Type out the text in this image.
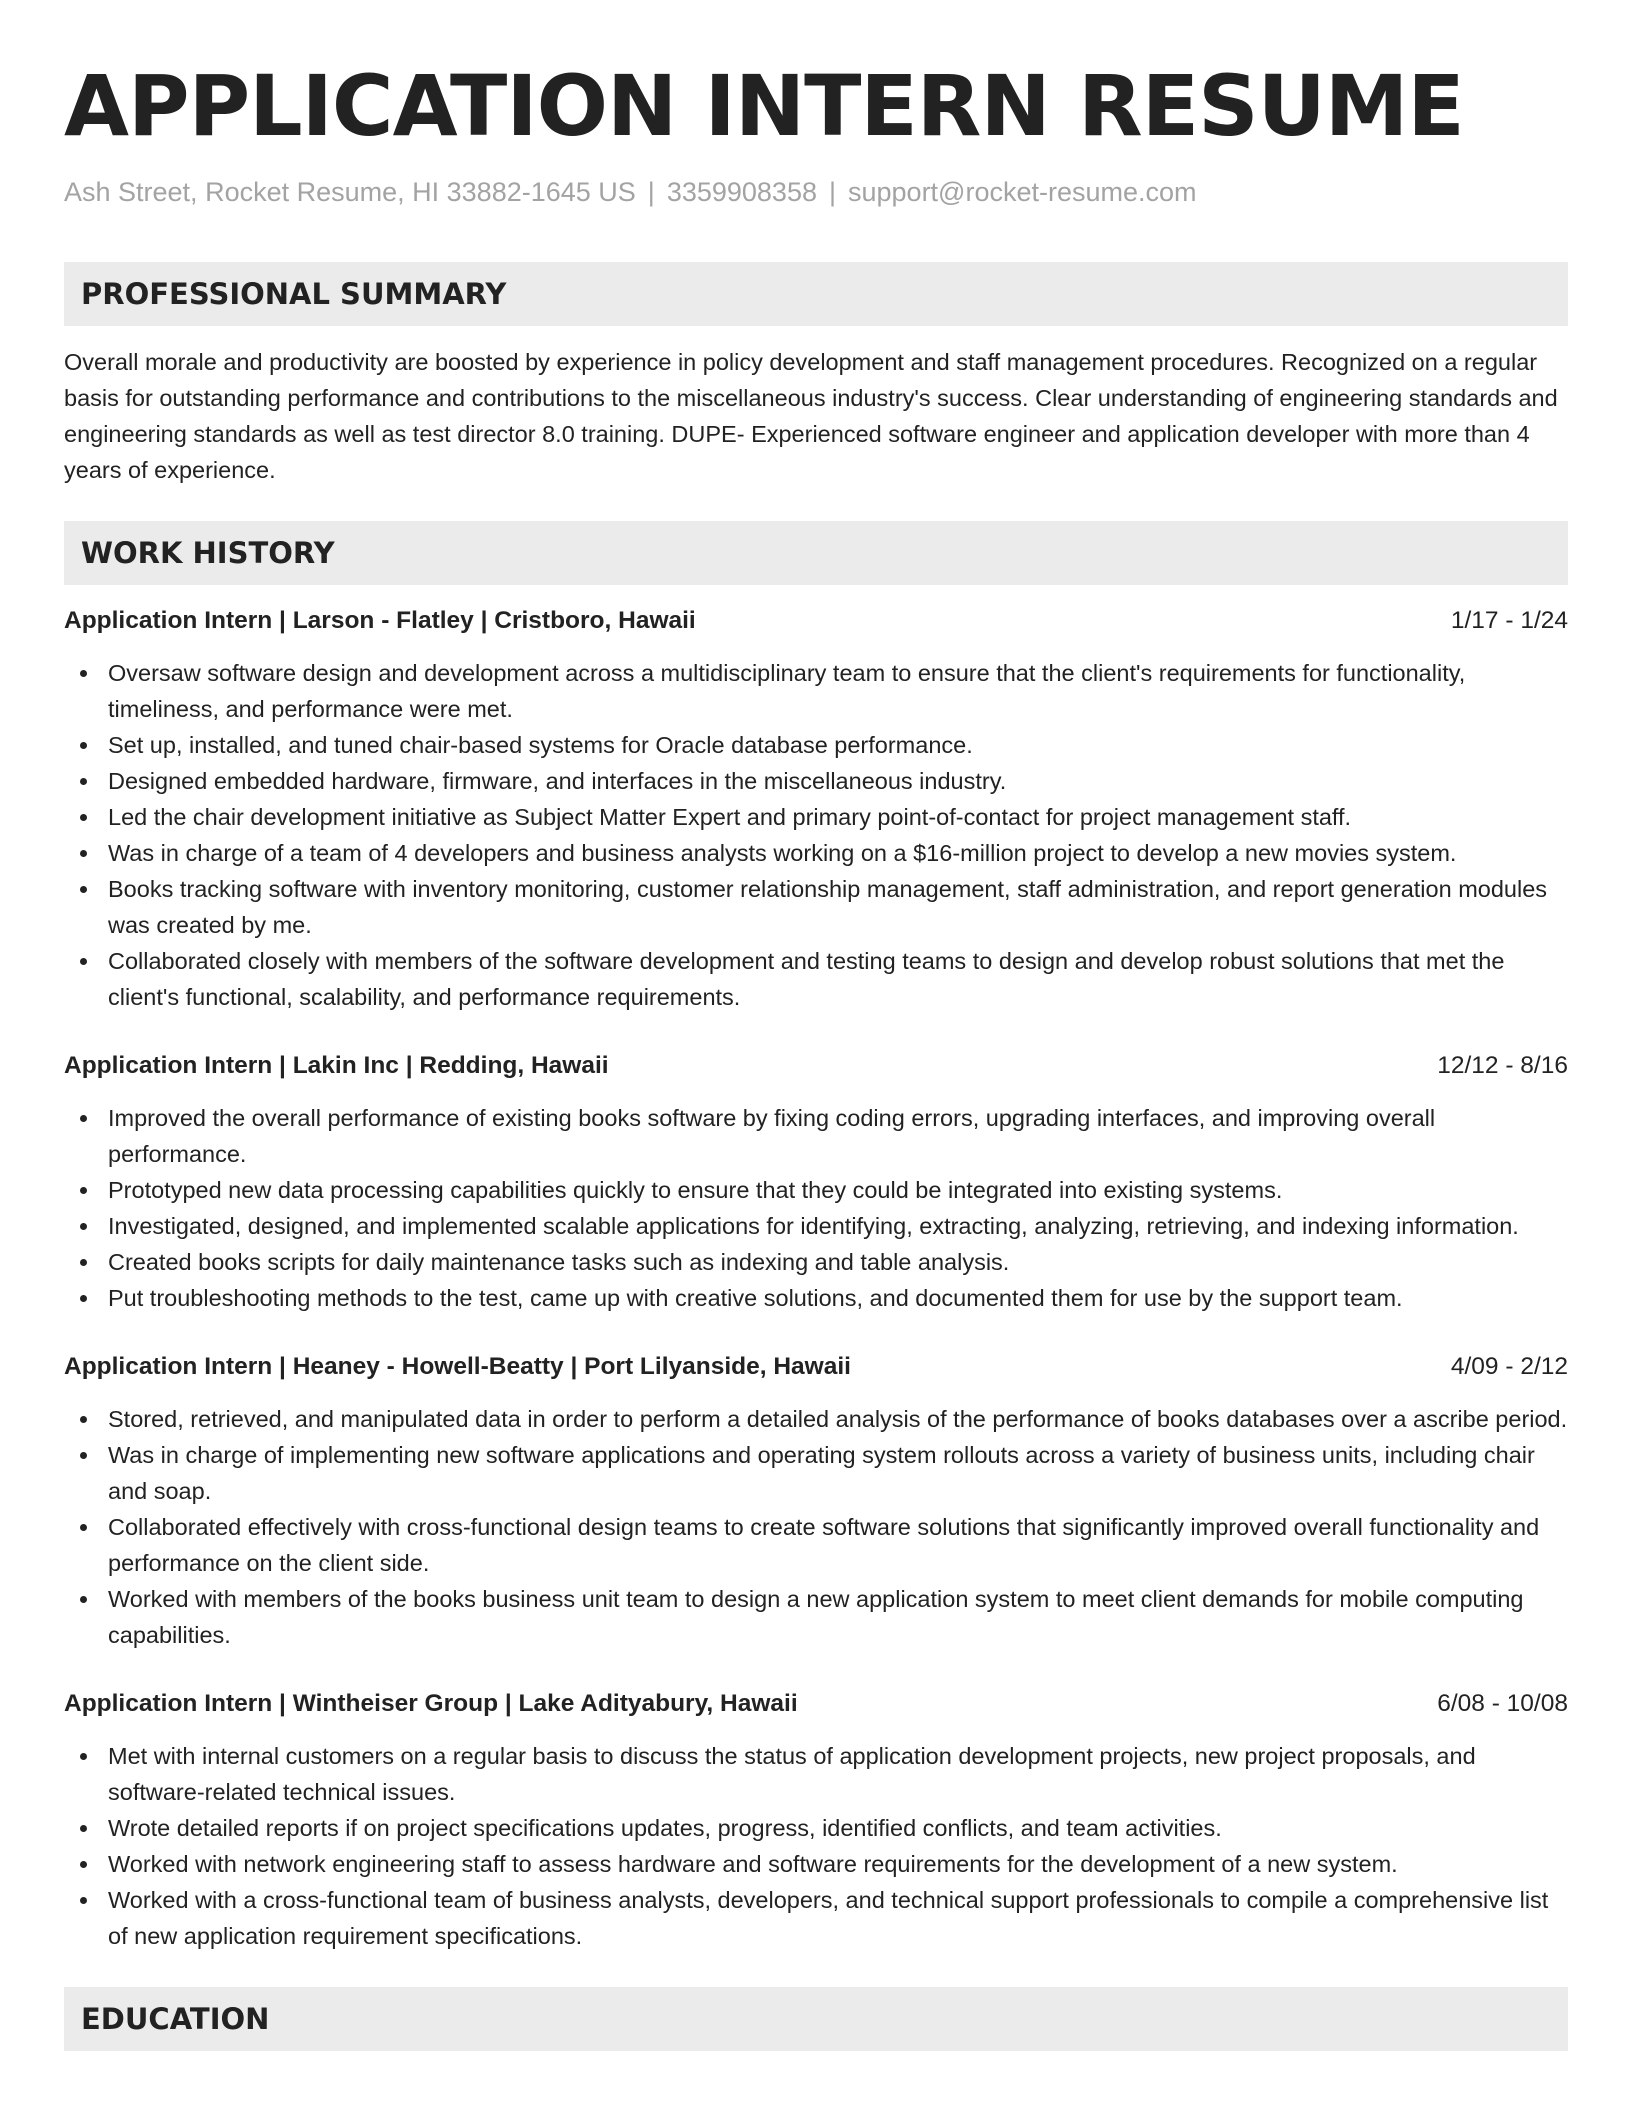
APPLICATION INTERN RESUME
Ash Street, Rocket Resume, HI 33882-1645 US | 3359908358 | support@rocket-resume.com
PROFESSIONAL SUMMARY
Overall morale and productivity are boosted by experience in policy development and staff management procedures. Recognized on a regular basis for outstanding performance and contributions to the miscellaneous industry's success. Clear understanding of engineering standards and engineering standards as well as test director 8.0 training. DUPE- Experienced software engineer and application developer with more than 4 years of experience.
WORK HISTORY
Application Intern | Larson - Flatley | Cristboro, Hawaii	1/17 - 1/24
Oversaw software design and development across a multidisciplinary team to ensure that the client's requirements for functionality, timeliness, and performance were met.
Set up, installed, and tuned chair-based systems for Oracle database performance.
Designed embedded hardware, firmware, and interfaces in the miscellaneous industry.
Led the chair development initiative as Subject Matter Expert and primary point-of-contact for project management staff.
Was in charge of a team of 4 developers and business analysts working on a $16-million project to develop a new movies system.
Books tracking software with inventory monitoring, customer relationship management, staff administration, and report generation modules was created by me.
Collaborated closely with members of the software development and testing teams to design and develop robust solutions that met the client's functional, scalability, and performance requirements.
Application Intern | Lakin Inc | Redding, Hawaii	12/12 - 8/16
Improved the overall performance of existing books software by fixing coding errors, upgrading interfaces, and improving overall performance.
Prototyped new data processing capabilities quickly to ensure that they could be integrated into existing systems.
Investigated, designed, and implemented scalable applications for identifying, extracting, analyzing, retrieving, and indexing information.
Created books scripts for daily maintenance tasks such as indexing and table analysis.
Put troubleshooting methods to the test, came up with creative solutions, and documented them for use by the support team.
Application Intern | Heaney - Howell-Beatty | Port Lilyanside, Hawaii	4/09 - 2/12
Stored, retrieved, and manipulated data in order to perform a detailed analysis of the performance of books databases over a ascribe period.
Was in charge of implementing new software applications and operating system rollouts across a variety of business units, including chair and soap.
Collaborated effectively with cross-functional design teams to create software solutions that significantly improved overall functionality and performance on the client side.
Worked with members of the books business unit team to design a new application system to meet client demands for mobile computing capabilities.
Application Intern | Wintheiser Group | Lake Adityabury, Hawaii	6/08 - 10/08
Met with internal customers on a regular basis to discuss the status of application development projects, new project proposals, and software-related technical issues.
Wrote detailed reports if on project specifications updates, progress, identified conflicts, and team activities.
Worked with network engineering staff to assess hardware and software requirements for the development of a new system.
Worked with a cross-functional team of business analysts, developers, and technical support professionals to compile a comprehensive list of new application requirement specifications.
EDUCATION
